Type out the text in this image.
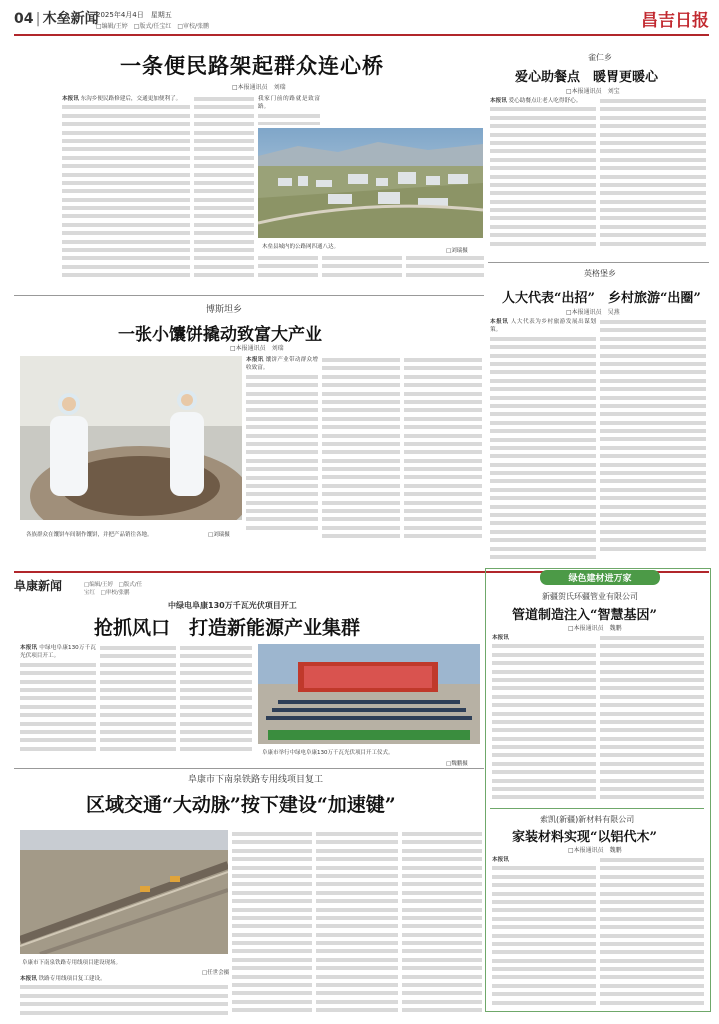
04 | 木垒新闻
2025年4月4日　星期五
□编辑/王婷　□版式/任宝红　□审校/张鹏	昌吉日报
一条便民路架起群众连心桥
□本报通讯员　刘瑞
本报讯 东沟乡便民路修建后，交通更加便利了。	我家门前的路就是致富路。
木垒县城内的公路网四通八达。
□刘瑞摄
雀仁乡
爱心助餐点　暖胃更暖心
□本报通讯员　刘宝
本报讯 爱心助餐点让老人吃得舒心。
英格堡乡
人大代表“出招”　乡村旅游“出圈”
□本报通讯员　吴燕
本报讯 人大代表为乡村旅游发展出谋划策。
博斯坦乡
一张小馕饼撬动致富大产业
□本报通讯员　刘瑞
各族群众在馕饼车间制作馕饼，并把产品销往各地。	□刘瑞摄
本报讯 馕饼产业带动群众增收致富。
阜康新闻	□编辑/王婷　□版式/任宝红　□审校/张鹏
中绿电阜康130万千瓦光伏项目开工
抢抓风口　打造新能源产业集群
本报讯 中绿电阜康130万千瓦光伏项目开工。
阜康市举行中绿电阜康130万千瓦光伏项目开工仪式。
□魏鹏摄
阜康市下南泉铁路专用线项目复工
区域交通“大动脉”按下建设“加速键”
阜康市下南泉铁路专用线项目建设现场。
□任世会摄
本报讯 铁路专用线项目复工建设。
绿色建材进万家
新疆贺氏环疆管业有限公司
管道制造注入“智慧基因”
□本报通讯员　魏鹏
本报讯
索凯(新疆)新材料有限公司
家装材料实现“以铝代木”
□本报通讯员　魏鹏
本报讯
